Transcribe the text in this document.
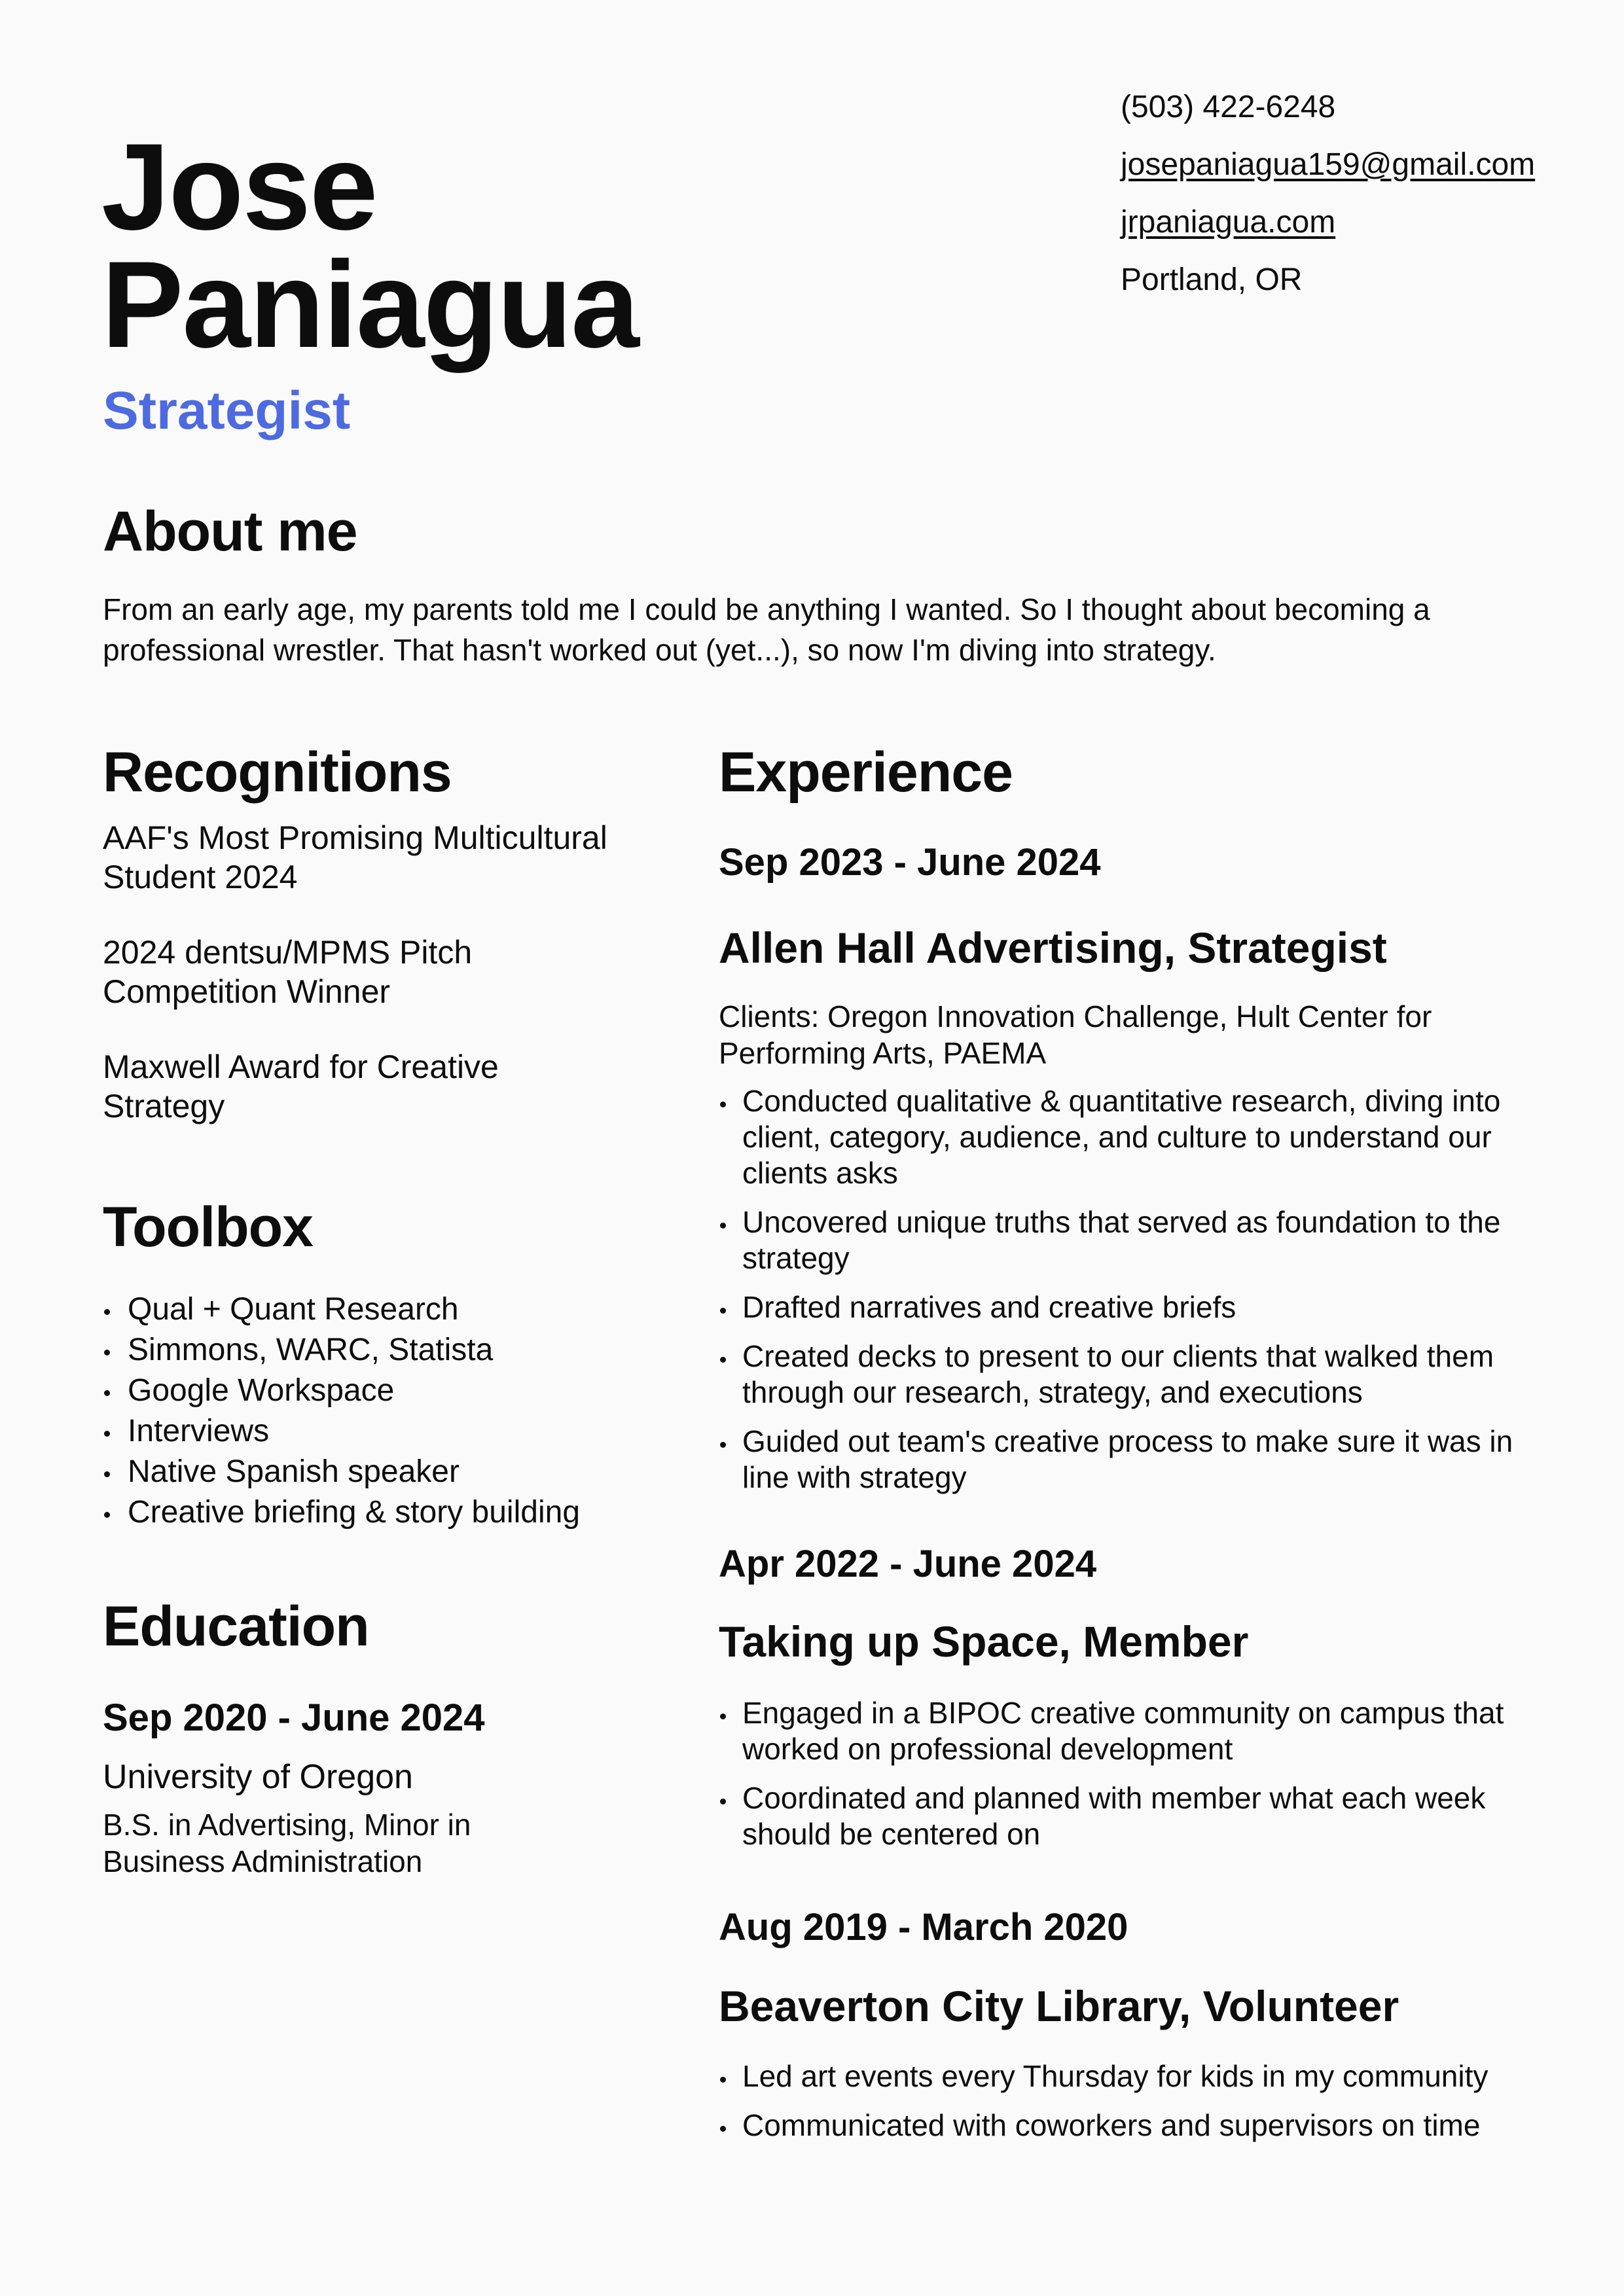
Jose
Paniagua
Strategist
(503) 422-6248
josepaniagua159@gmail.com
jrpaniagua.com
Portland, OR
About me
From an early age, my parents told me I could be anything I wanted. So I thought about becoming a professional wrestler. That hasn't worked out (yet...), so now I'm diving into strategy.
Recognitions
AAF's Most Promising Multicultural Student 2024
2024 dentsu/MPMS Pitch Competition Winner
Maxwell Award for Creative Strategy
Toolbox
Qual + Quant Research
Simmons, WARC, Statista
Google Workspace
Interviews
Native Spanish speaker
Creative briefing & story building
Education
Sep 2020 - June 2024
University of Oregon
B.S. in Advertising, Minor in Business Administration
Experience
Sep 2023 - June 2024
Allen Hall Advertising, Strategist
Clients: Oregon Innovation Challenge, Hult Center for Performing Arts, PAEMA
Conducted qualitative & quantitative research, diving into client, category, audience, and culture to understand our clients asks
Uncovered unique truths that served as foundation to the strategy
Drafted narratives and creative briefs
Created decks to present to our clients that walked them through our research, strategy, and executions
Guided out team's creative process to make sure it was in line with strategy
Apr 2022 - June 2024
Taking up Space, Member
Engaged in a BIPOC creative community on campus that worked on professional development
Coordinated and planned with member what each week should be centered on
Aug 2019 - March 2020
Beaverton City Library, Volunteer
Led art events every Thursday for kids in my community
Communicated with coworkers and supervisors on time
